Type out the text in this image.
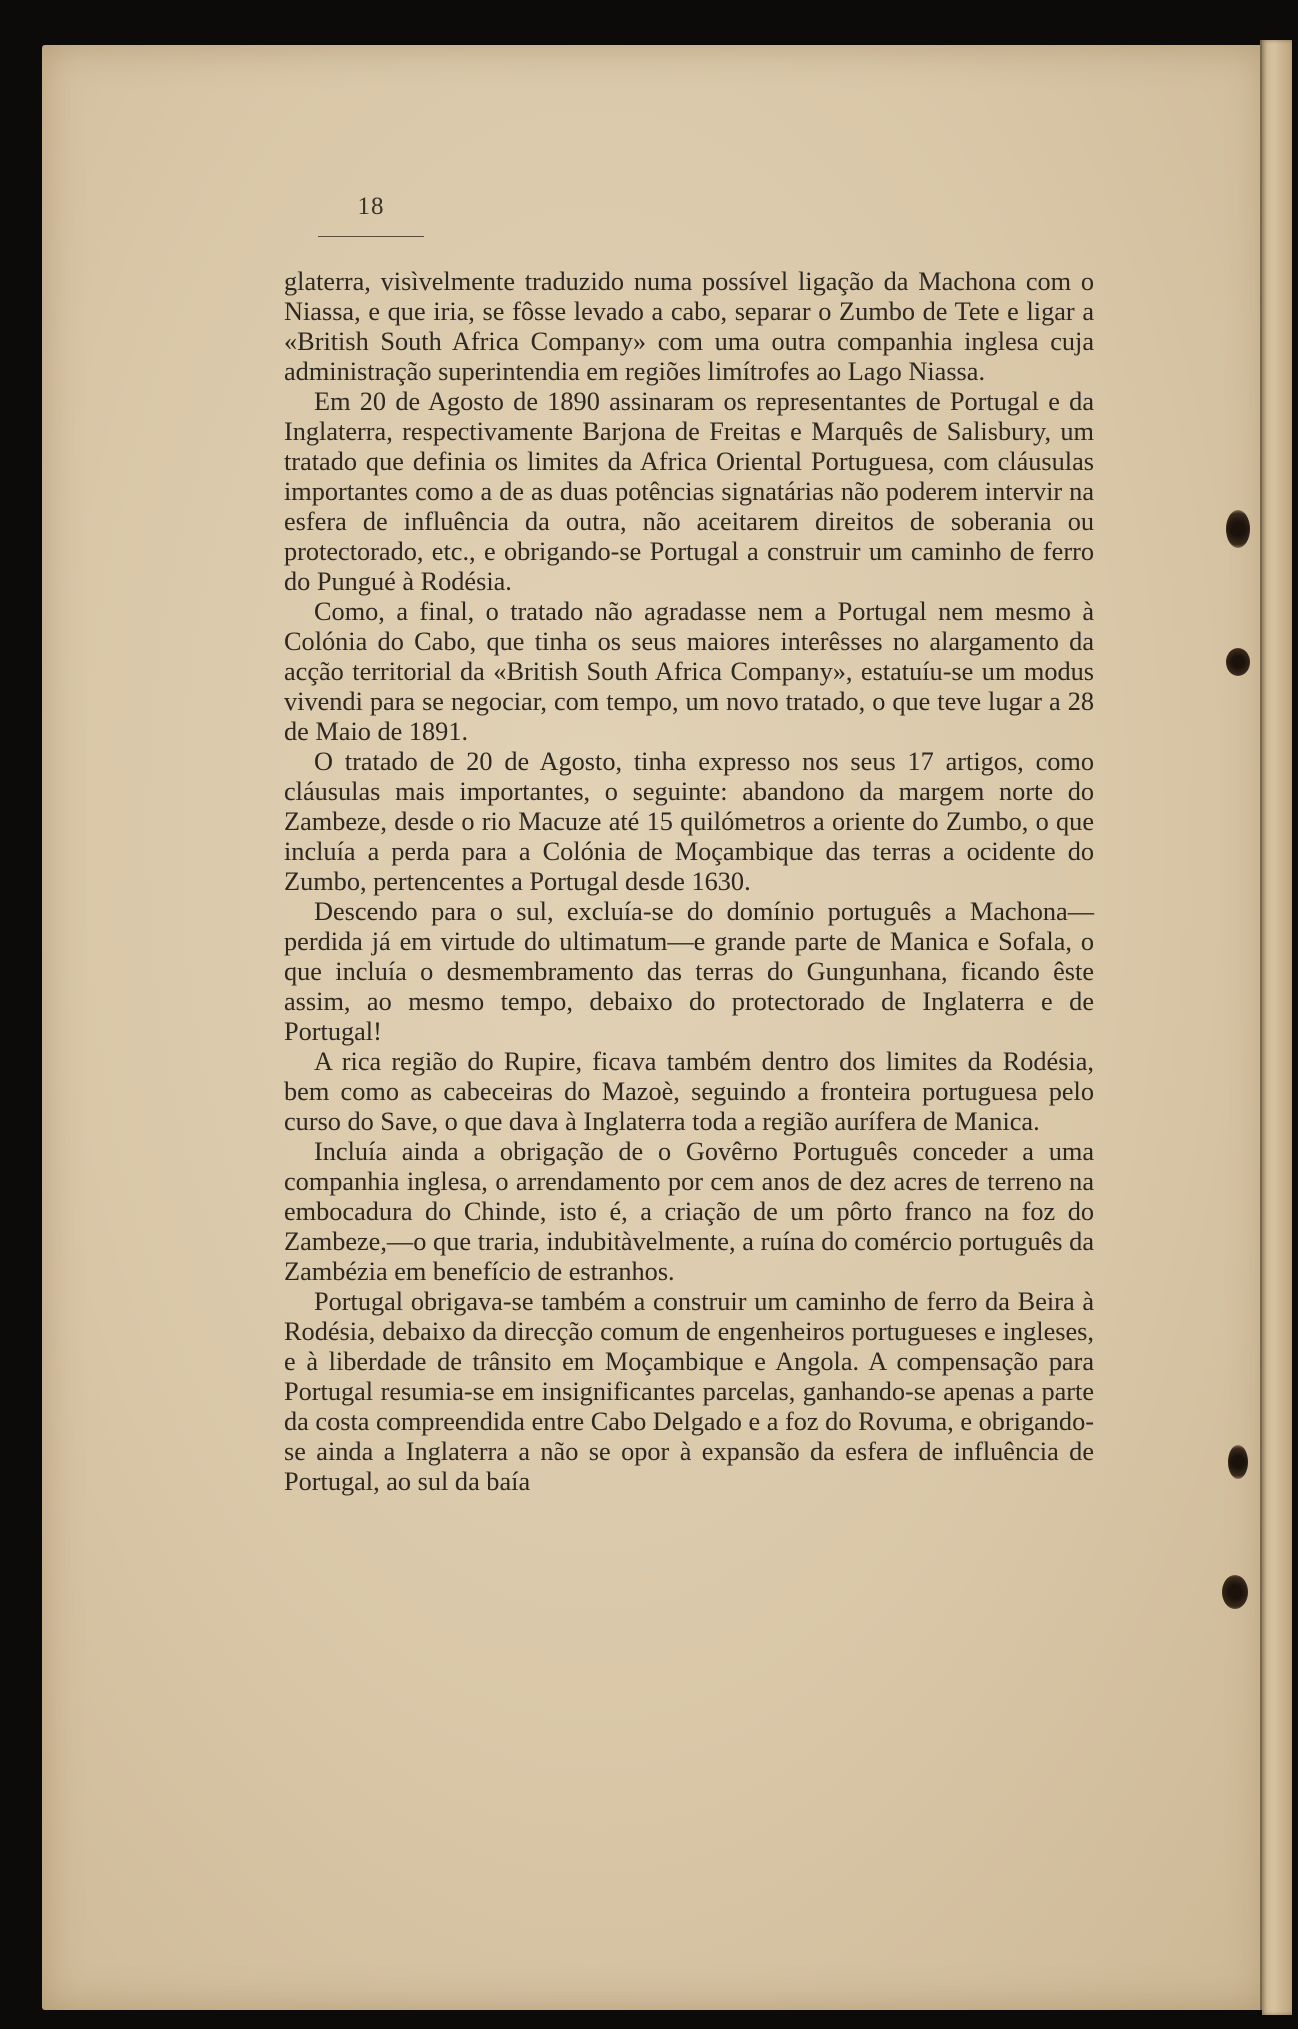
18

glaterra, visìvelmente traduzido numa possível ligação da Machona com o Niassa, e que iria, se fôsse levado a cabo, separar o Zumbo de Tete e ligar a «British South Africa Company» com uma outra companhia inglesa cuja administração superintendia em regiões limítrofes ao Lago Niassa.

Em 20 de Agosto de 1890 assinaram os representantes de Portugal e da Inglaterra, respectivamente Barjona de Freitas e Marquês de Salisbury, um tratado que definia os limites da Africa Oriental Portuguesa, com cláusulas importantes como a de as duas potências signatárias não poderem intervir na esfera de influência da outra, não aceitarem direitos de soberania ou protectorado, etc., e obrigando-se Portugal a construir um caminho de ferro do Pungué à Rodésia.

Como, a final, o tratado não agradasse nem a Portugal nem mesmo à Colónia do Cabo, que tinha os seus maiores interêsses no alargamento da acção territorial da «British South Africa Company», estatuíu-se um modus vivendi para se negociar, com tempo, um novo tratado, o que teve lugar a 28 de Maio de 1891.

O tratado de 20 de Agosto, tinha expresso nos seus 17 artigos, como cláusulas mais importantes, o seguinte: abandono da margem norte do Zambeze, desde o rio Macuze até 15 quilómetros a oriente do Zumbo, o que incluía a perda para a Colónia de Moçambique das terras a ocidente do Zumbo, pertencentes a Portugal desde 1630.

Descendo para o sul, excluía-se do domínio português a Machona—perdida já em virtude do ultimatum—e grande parte de Manica e Sofala, o que incluía o desmembramento das terras do Gungunhana, ficando êste assim, ao mesmo tempo, debaixo do protectorado de Inglaterra e de Portugal!

A rica região do Rupire, ficava também dentro dos limites da Rodésia, bem como as cabeceiras do Mazoè, seguindo a fronteira portuguesa pelo curso do Save, o que dava à Inglaterra toda a região aurífera de Manica.

Incluía ainda a obrigação de o Govêrno Português conceder a uma companhia inglesa, o arrendamento por cem anos de dez acres de terreno na embocadura do Chinde, isto é, a criação de um pôrto franco na foz do Zambeze,—o que traria, indubitàvelmente, a ruína do comércio português da Zambézia em benefício de estranhos.

Portugal obrigava-se também a construir um caminho de ferro da Beira à Rodésia, debaixo da direcção comum de engenheiros portugueses e ingleses, e à liberdade de trânsito em Moçambique e Angola. A compensação para Portugal resumia-se em insignificantes parcelas, ganhando-se apenas a parte da costa compreendida entre Cabo Delgado e a foz do Rovuma, e obrigando-se ainda a Inglaterra a não se opor à expansão da esfera de influência de Portugal, ao sul da baía
